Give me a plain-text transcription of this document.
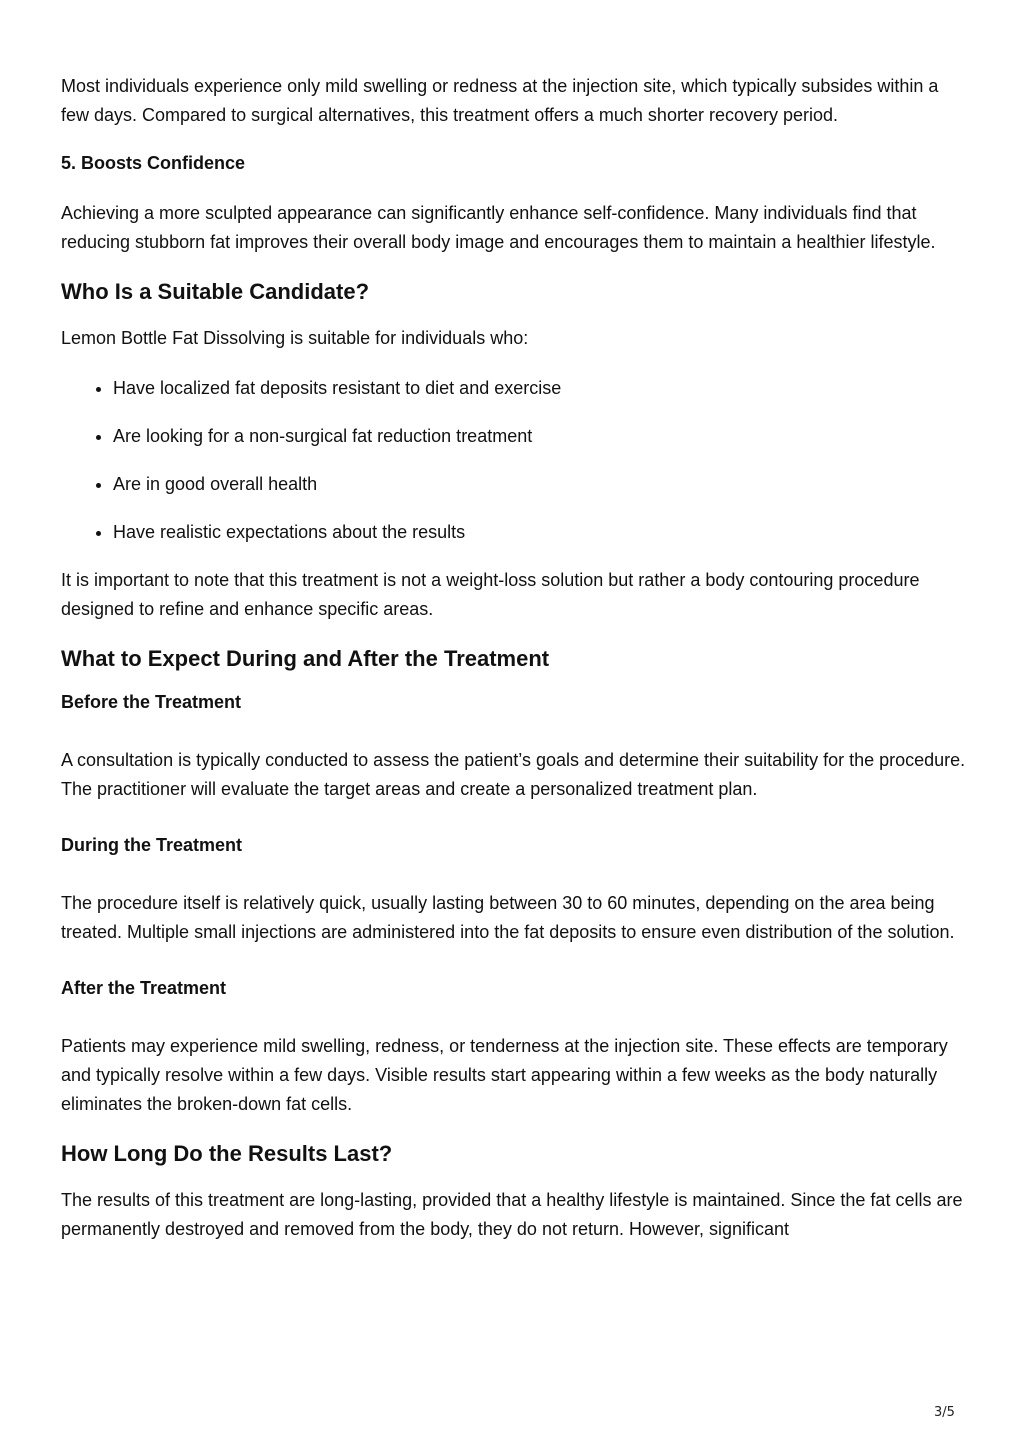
Most individuals experience only mild swelling or redness at the injection site, which typically subsides within a few days. Compared to surgical alternatives, this treatment offers a much shorter recovery period.

5. Boosts Confidence

Achieving a more sculpted appearance can significantly enhance self-confidence. Many individuals find that reducing stubborn fat improves their overall body image and encourages them to maintain a healthier lifestyle.

Who Is a Suitable Candidate?

Lemon Bottle Fat Dissolving is suitable for individuals who:

• Have localized fat deposits resistant to diet and exercise
• Are looking for a non-surgical fat reduction treatment
• Are in good overall health
• Have realistic expectations about the results

It is important to note that this treatment is not a weight-loss solution but rather a body contouring procedure designed to refine and enhance specific areas.

What to Expect During and After the Treatment
Before the Treatment

A consultation is typically conducted to assess the patient’s goals and determine their suitability for the procedure. The practitioner will evaluate the target areas and create a personalized treatment plan.

During the Treatment

The procedure itself is relatively quick, usually lasting between 30 to 60 minutes, depending on the area being treated. Multiple small injections are administered into the fat deposits to ensure even distribution of the solution.

After the Treatment

Patients may experience mild swelling, redness, or tenderness at the injection site. These effects are temporary and typically resolve within a few days. Visible results start appearing within a few weeks as the body naturally eliminates the broken-down fat cells.

How Long Do the Results Last?

The results of this treatment are long-lasting, provided that a healthy lifestyle is maintained. Since the fat cells are permanently destroyed and removed from the body, they do not return. However, significant

3/5
